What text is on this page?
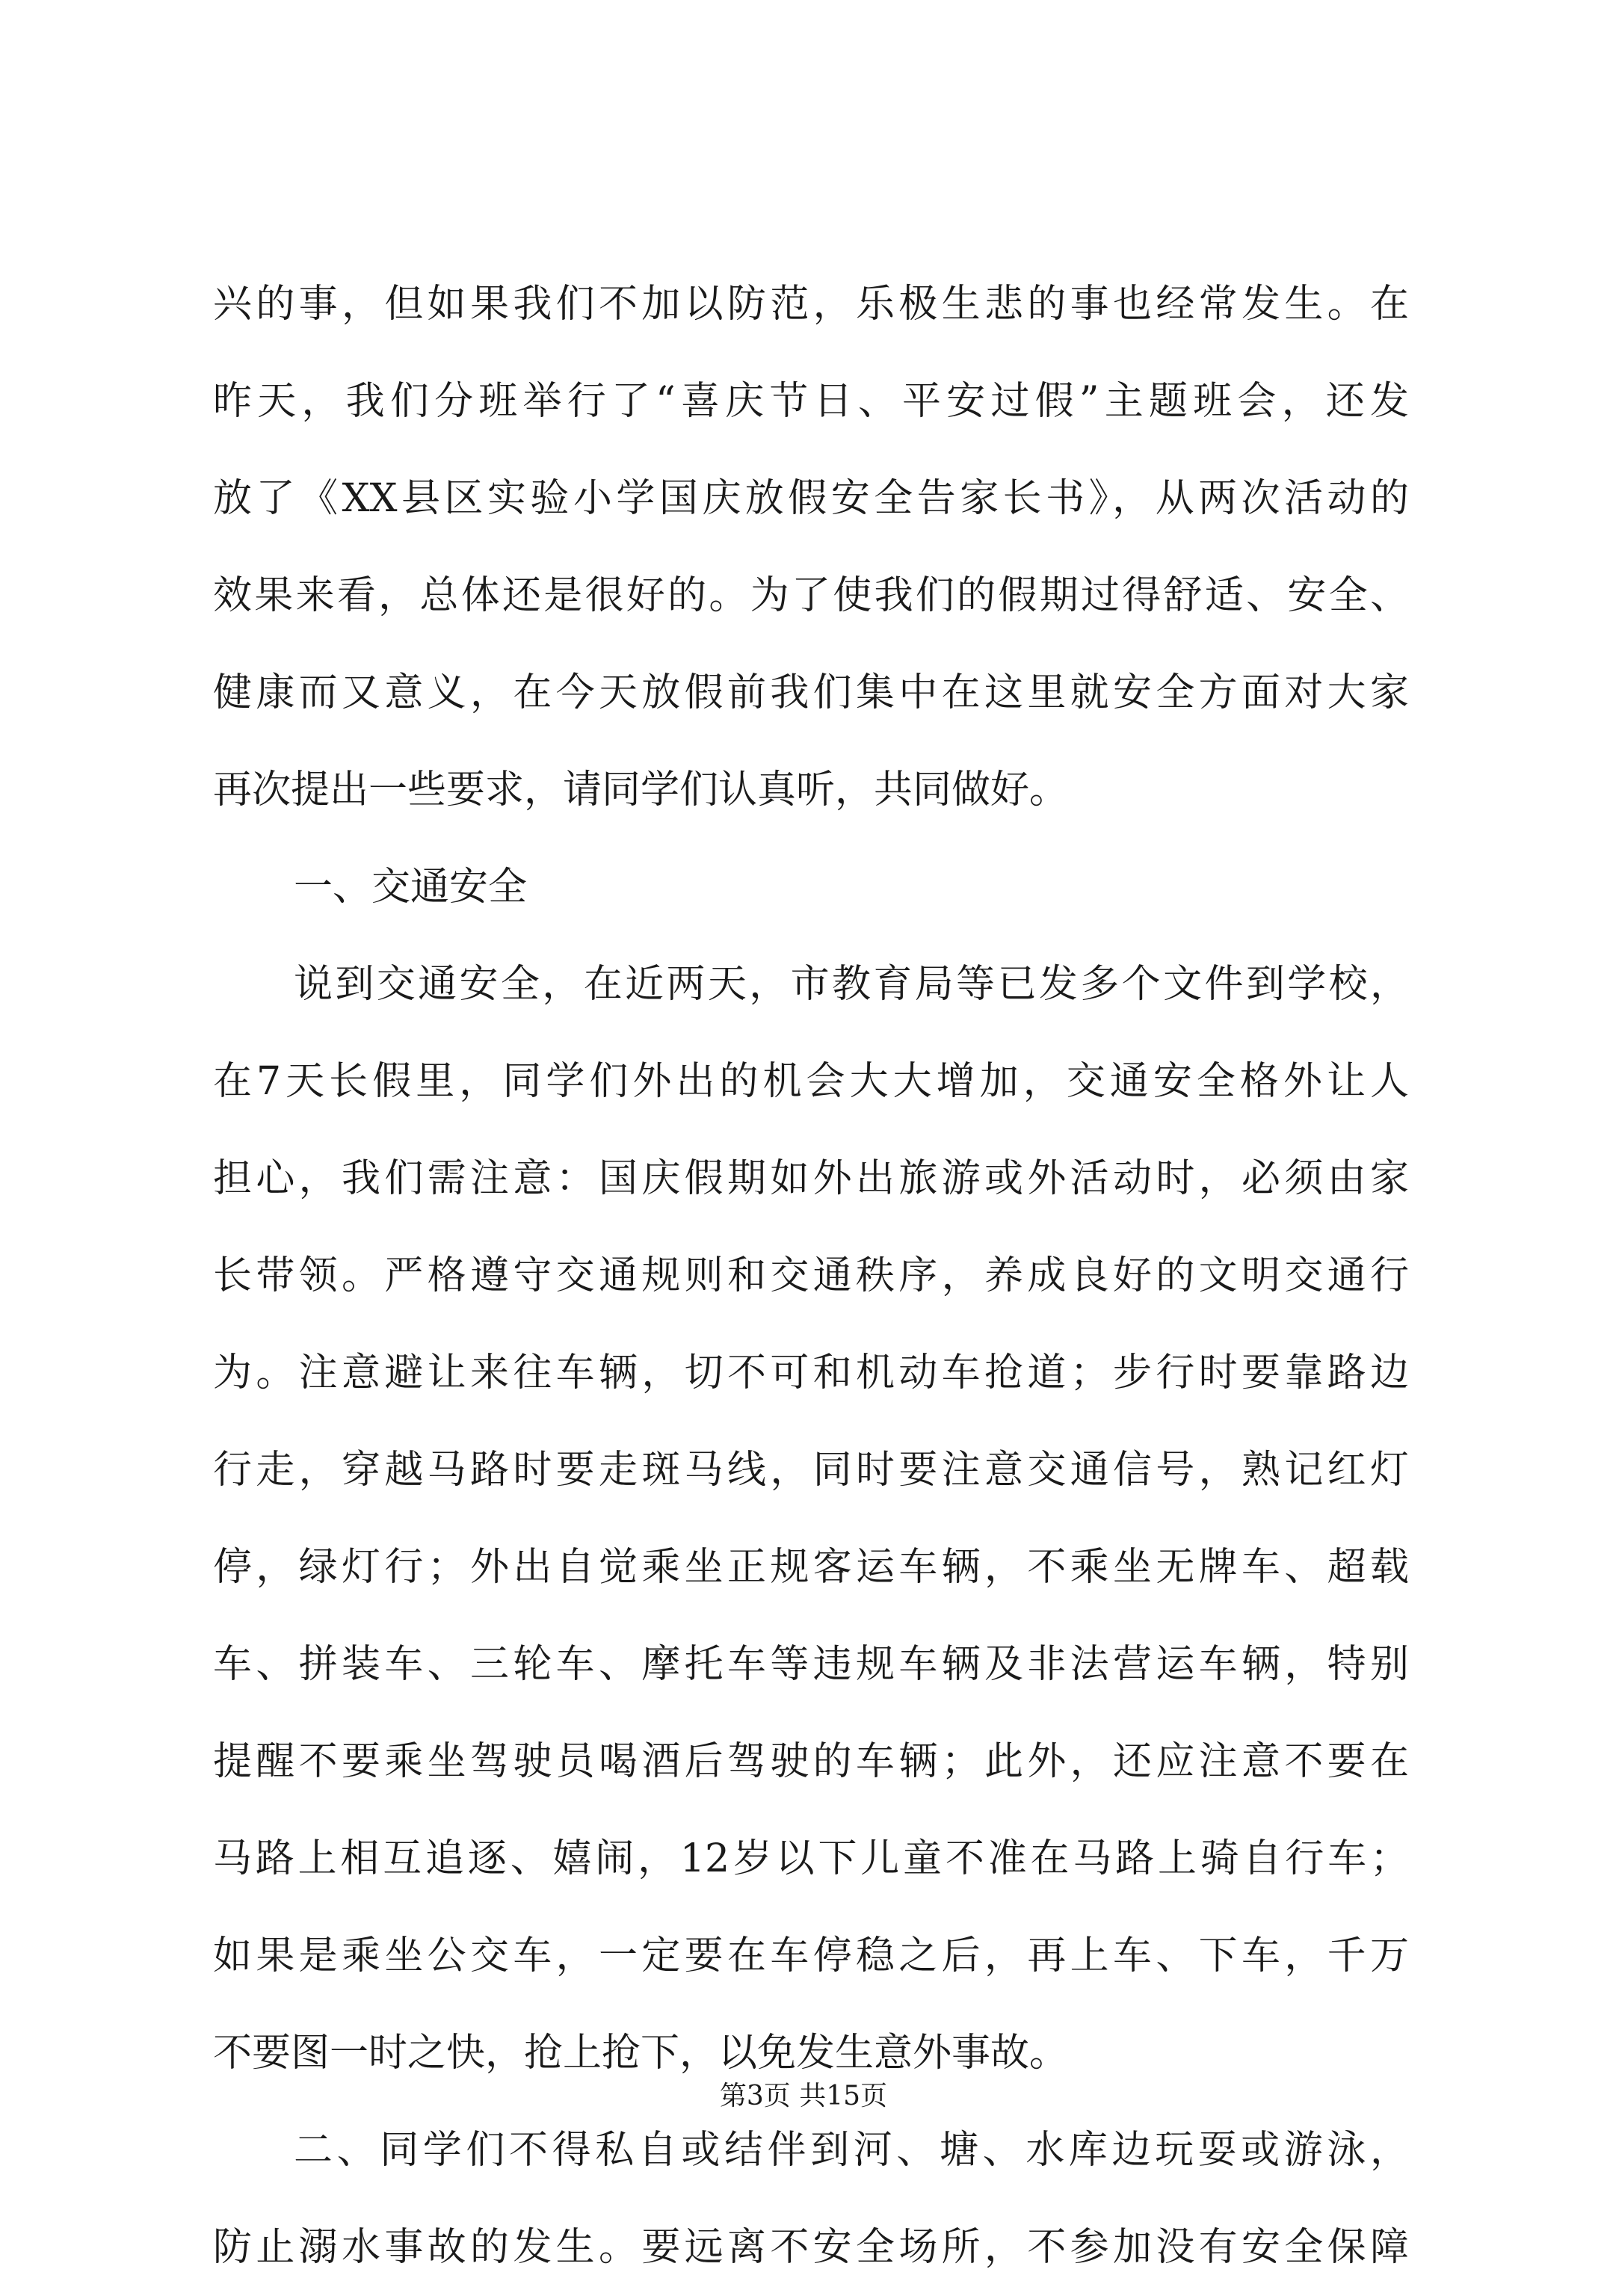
兴的事，但如果我们不加以防范，乐极生悲的事也经常发生。在
昨天，我们分班举行了“喜庆节日、平安过假”主题班会，还发
放了《XX县区实验小学国庆放假安全告家长书》，从两次活动的
效果来看，总体还是很好的。为了使我们的假期过得舒适、安全、
健康而又意义，在今天放假前我们集中在这里就安全方面对大家
再次提出一些要求，请同学们认真听，共同做好。
一、交通安全
说到交通安全，在近两天，市教育局等已发多个文件到学校，
在7天长假里，同学们外出的机会大大增加，交通安全格外让人
担心，我们需注意：国庆假期如外出旅游或外活动时，必须由家
长带领。严格遵守交通规则和交通秩序，养成良好的文明交通行
为。注意避让来往车辆，切不可和机动车抢道；步行时要靠路边
行走，穿越马路时要走斑马线，同时要注意交通信号，熟记红灯
停，绿灯行；外出自觉乘坐正规客运车辆，不乘坐无牌车、超载
车、拼装车、三轮车、摩托车等违规车辆及非法营运车辆，特别
提醒不要乘坐驾驶员喝酒后驾驶的车辆；此外，还应注意不要在
马路上相互追逐、嬉闹，12岁以下儿童不准在马路上骑自行车；
如果是乘坐公交车，一定要在车停稳之后，再上车、下车，千万
不要图一时之快，抢上抢下，以免发生意外事故。
二、同学们不得私自或结伴到河、塘、水库边玩耍或游泳，
防止溺水事故的发生。要远离不安全场所，不参加没有安全保障
第3页 共15页
